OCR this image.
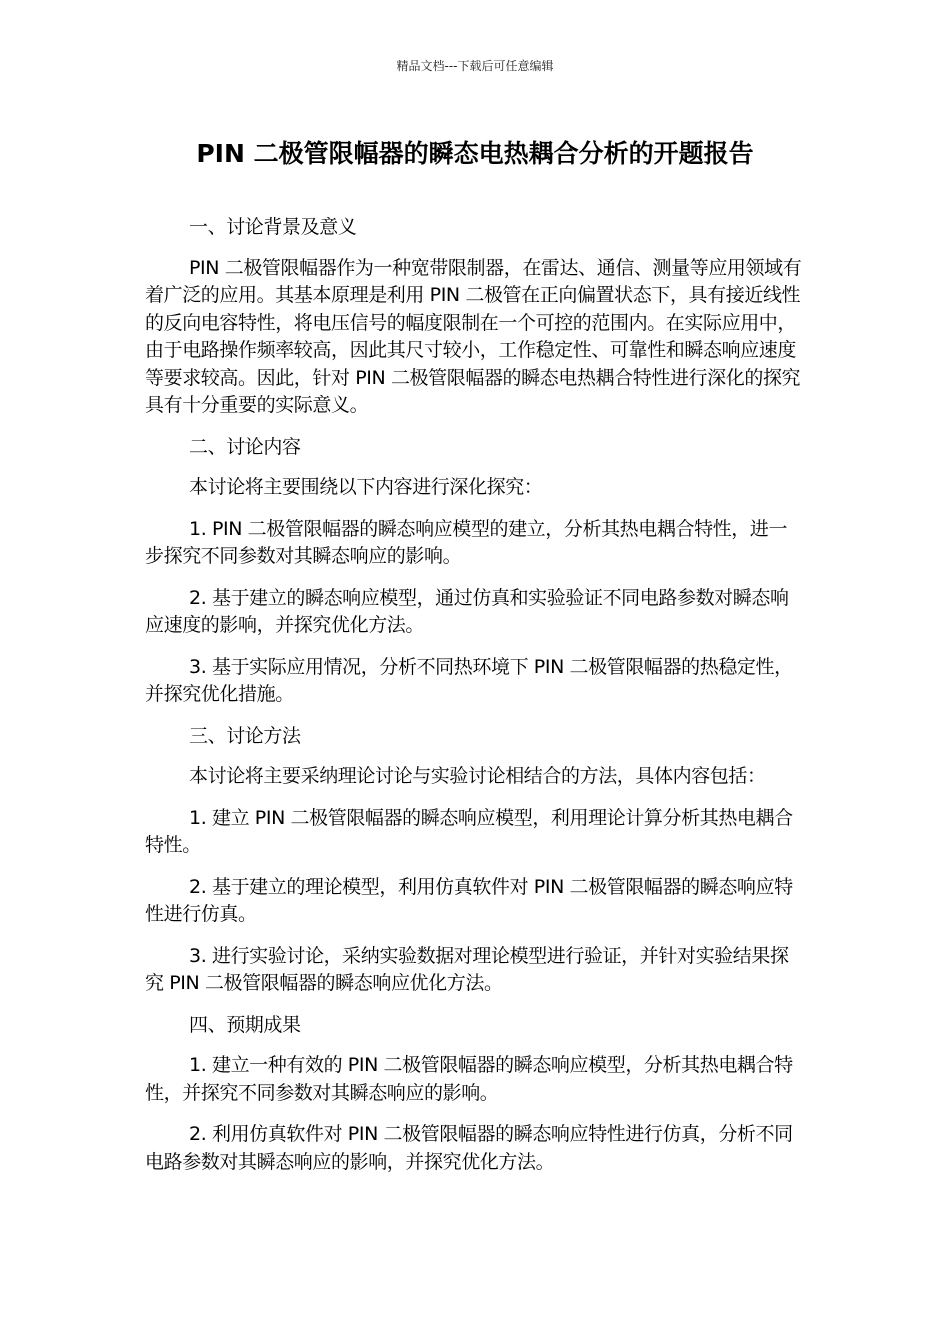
精品文档---下载后可任意编辑
PIN 二极管限幅器的瞬态电热耦合分析的开题报告

一、讨论背景及意义

PIN 二极管限幅器作为一种宽带限制器，在雷达、通信、测量等应用领域有着广泛的应用。其基本原理是利用 PIN 二极管在正向偏置状态下，具有接近线性的反向电容特性，将电压信号的幅度限制在一个可控的范围内。在实际应用中，由于电路操作频率较高，因此其尺寸较小，工作稳定性、可靠性和瞬态响应速度等要求较高。因此，针对 PIN 二极管限幅器的瞬态电热耦合特性进行深化的探究具有十分重要的实际意义。

二、讨论内容

本讨论将主要围绕以下内容进行深化探究：

1. PIN 二极管限幅器的瞬态响应模型的建立，分析其热电耦合特性，进一步探究不同参数对其瞬态响应的影响。

2. 基于建立的瞬态响应模型，通过仿真和实验验证不同电路参数对瞬态响应速度的影响，并探究优化方法。

3. 基于实际应用情况，分析不同热环境下 PIN 二极管限幅器的热稳定性，并探究优化措施。

三、讨论方法

本讨论将主要采纳理论讨论与实验讨论相结合的方法，具体内容包括：

1. 建立 PIN 二极管限幅器的瞬态响应模型，利用理论计算分析其热电耦合特性。

2. 基于建立的理论模型，利用仿真软件对 PIN 二极管限幅器的瞬态响应特性进行仿真。

3. 进行实验讨论，采纳实验数据对理论模型进行验证，并针对实验结果探究 PIN 二极管限幅器的瞬态响应优化方法。

四、预期成果

1. 建立一种有效的 PIN 二极管限幅器的瞬态响应模型，分析其热电耦合特性，并探究不同参数对其瞬态响应的影响。

2. 利用仿真软件对 PIN 二极管限幅器的瞬态响应特性进行仿真，分析不同电路参数对其瞬态响应的影响，并探究优化方法。
